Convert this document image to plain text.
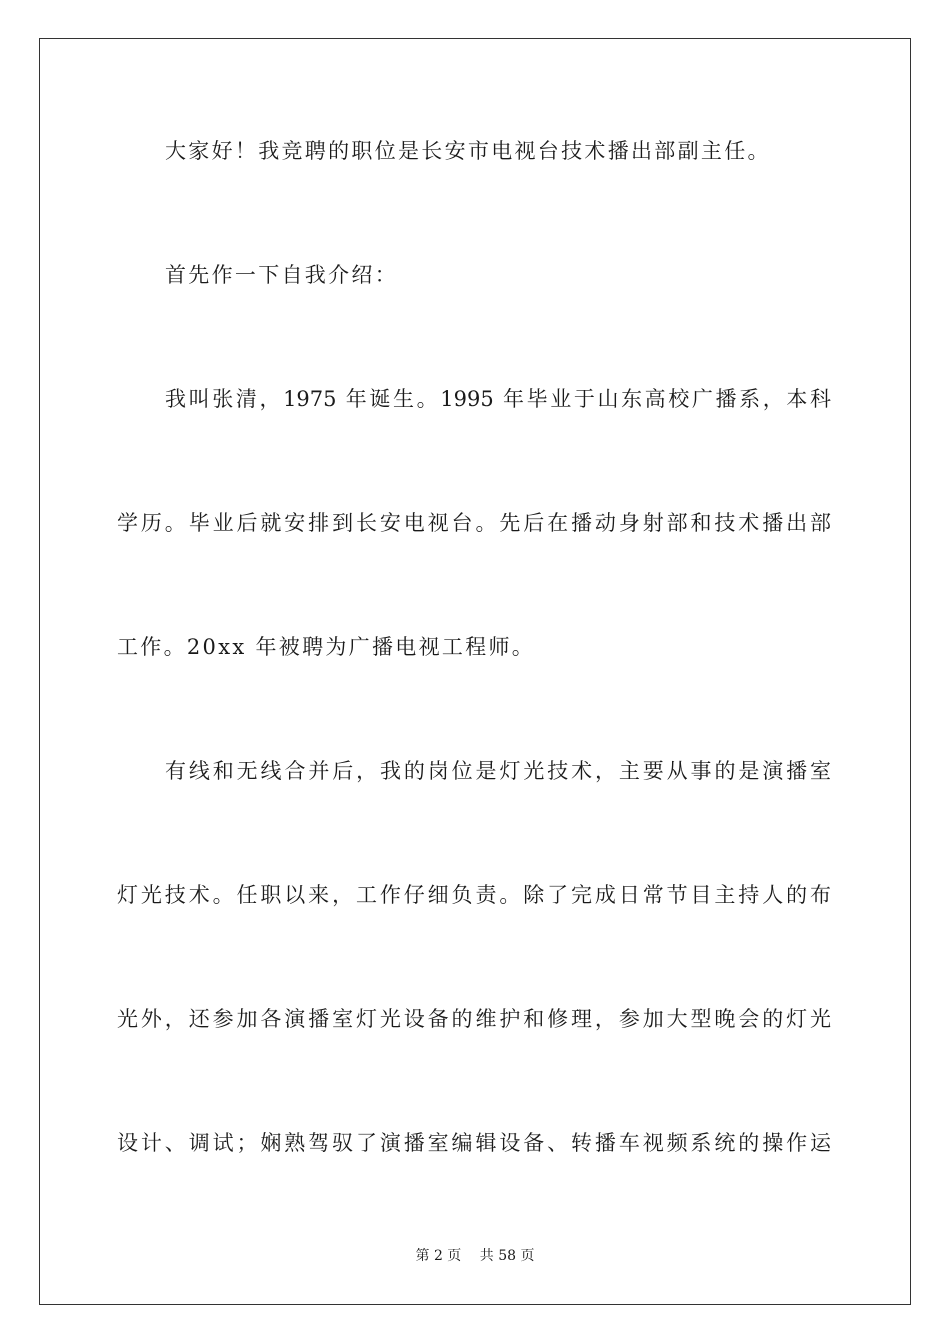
大家好！我竞聘的职位是长安市电视台技术播出部副主任。
首先作一下自我介绍：
我叫张清，1975 年诞生。1995 年毕业于山东高校广播系，本科
学历。毕业后就安排到长安电视台。先后在播动身射部和技术播出部
工作。20xx 年被聘为广播电视工程师。
有线和无线合并后，我的岗位是灯光技术，主要从事的是演播室
灯光技术。任职以来，工作仔细负责。除了完成日常节目主持人的布
光外，还参加各演播室灯光设备的维护和修理，参加大型晚会的灯光
设计、调试；娴熟驾驭了演播室编辑设备、转播车视频系统的操作运
第 2 页　 共 58 页
